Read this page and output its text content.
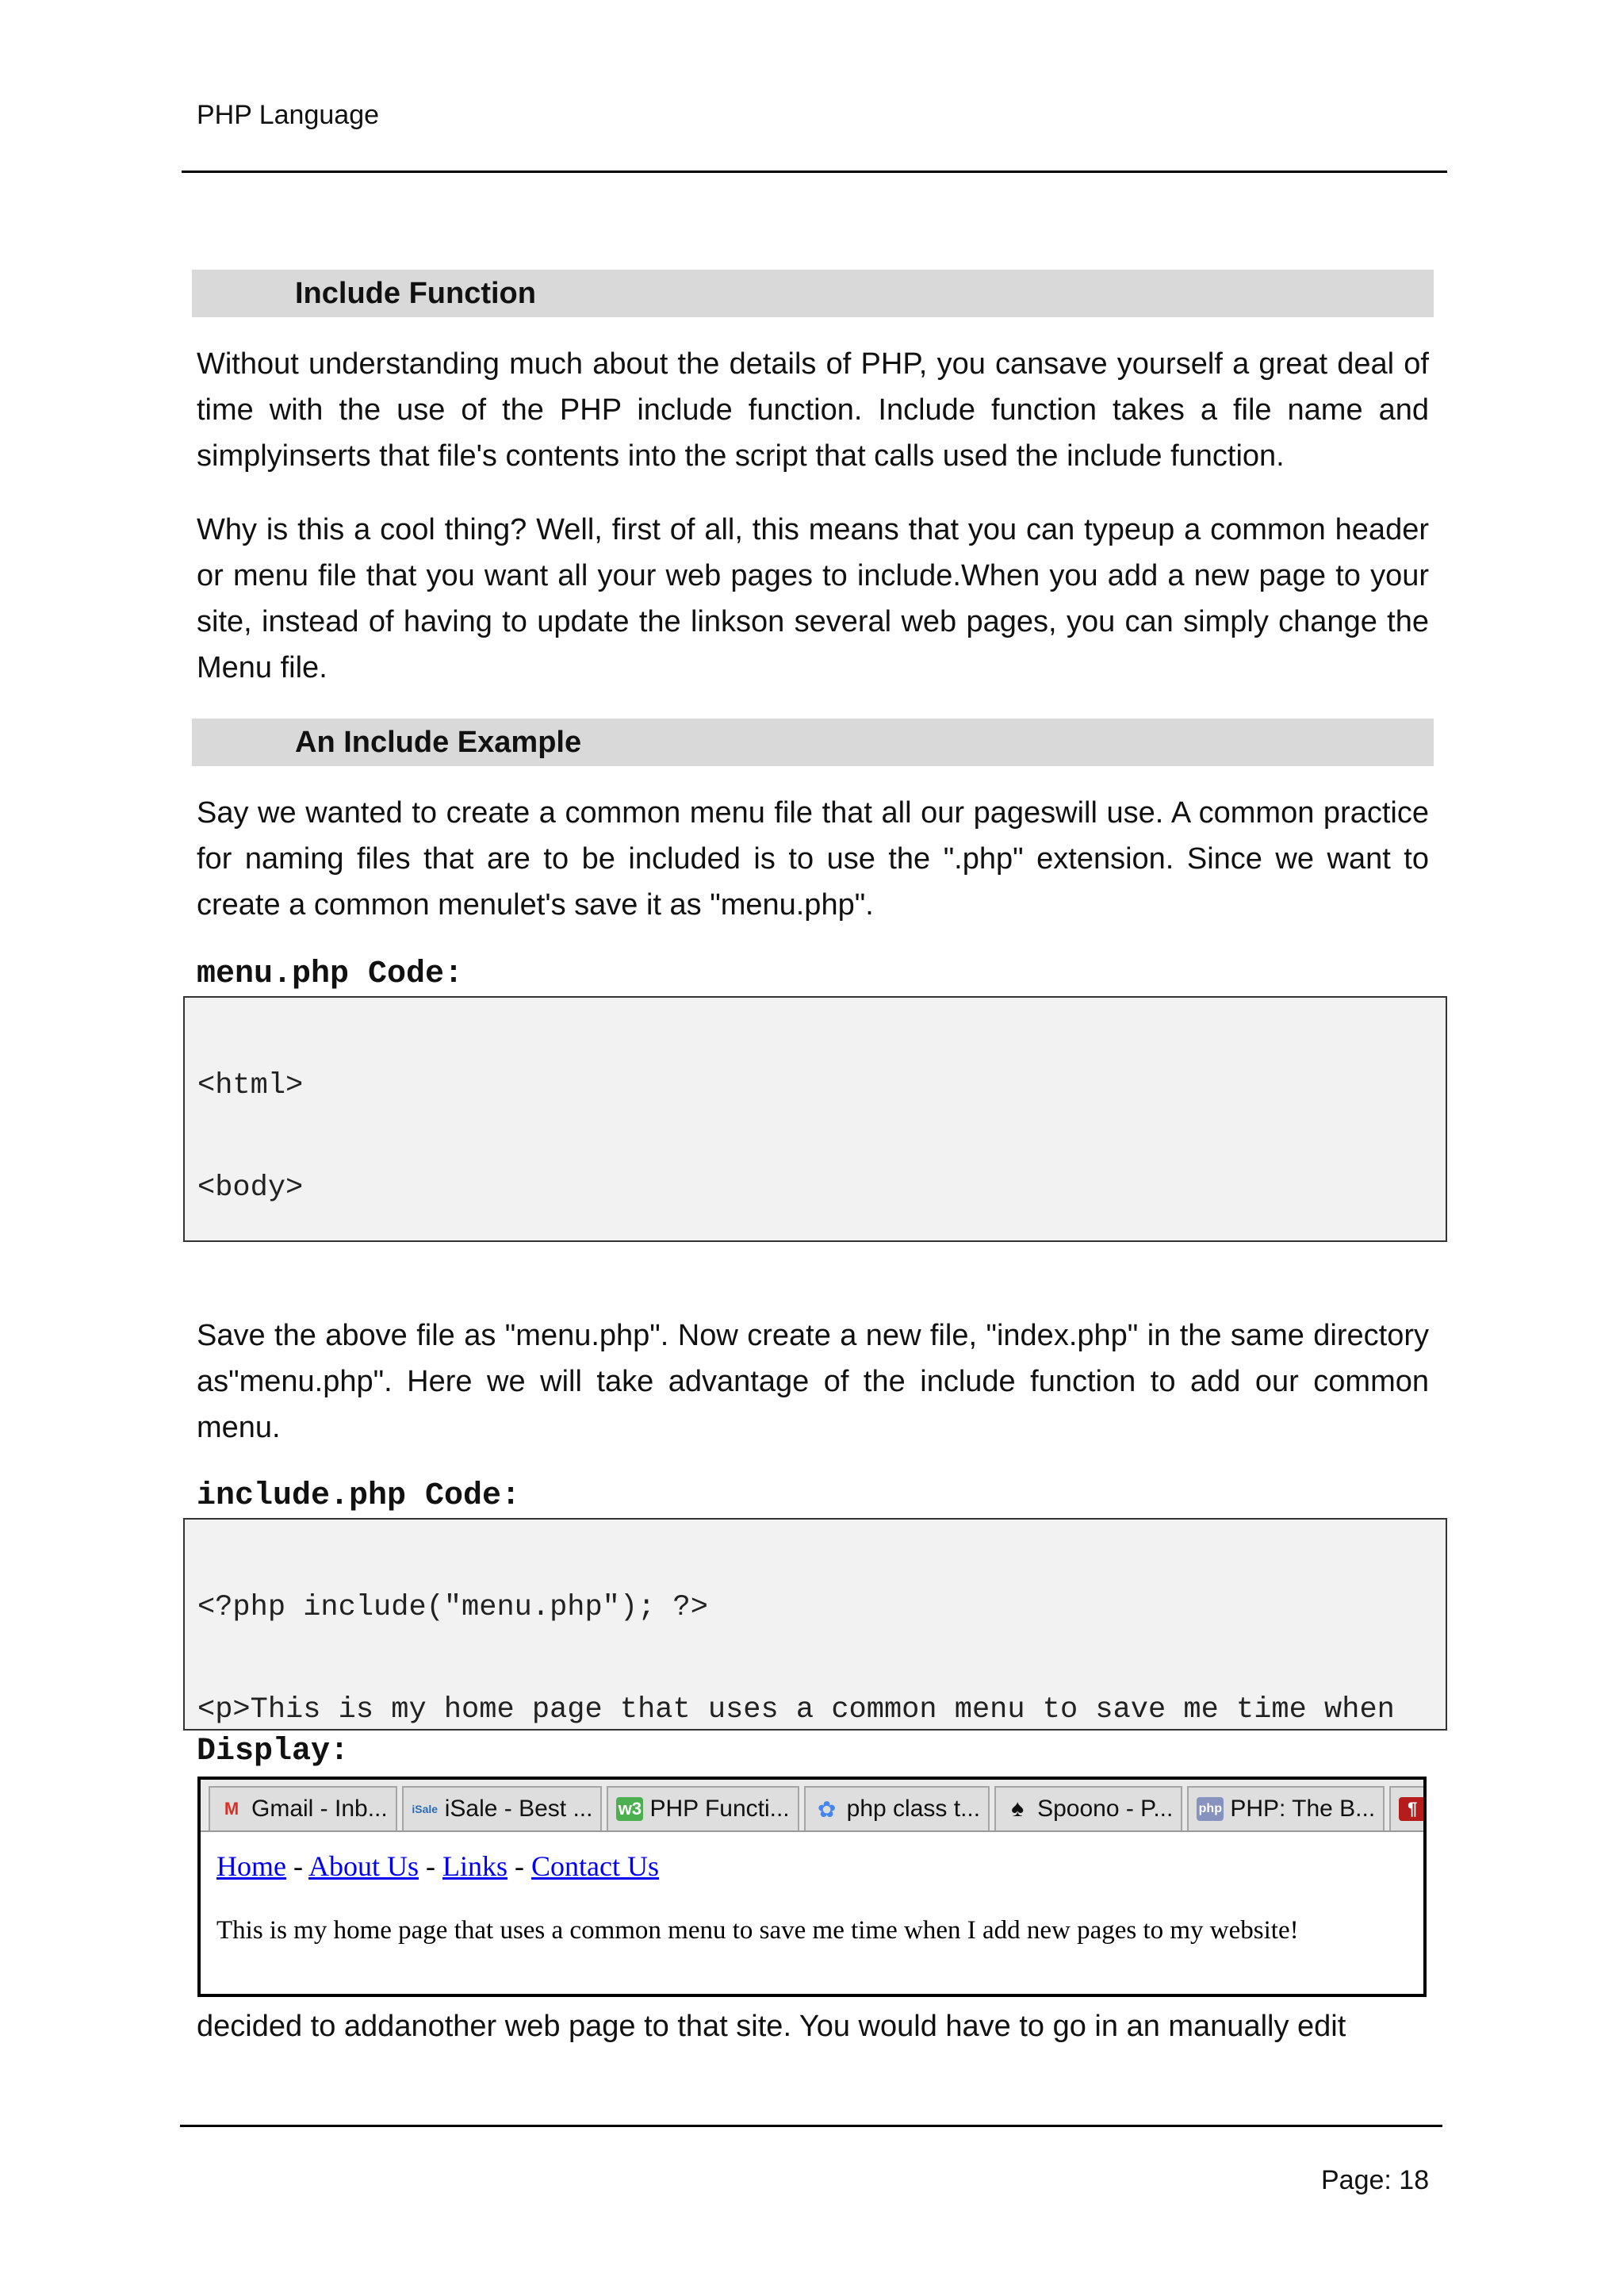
PHP Language
Include Function

Without understanding much about the details of PHP, you cansave yourself a great deal of time with the use of the PHP include function. Include function takes a file name and simplyinserts that file's contents into the script that calls used the include function.

Why is this a cool thing? Well, first of all, this means that you can typeup a common header or menu file that you want all your web pages to include.When you add a new page to your site, instead of having to update the linkson several web pages, you can simply change the Menu file.

An Include Example

Say we wanted to create a common menu file that all our pageswill use. A common practice for naming files that are to be included is to use the ".php" extension. Since we want to create a common menulet's save it as "menu.php".

menu.php Code:

<html>

<body>

Save the above file as "menu.php". Now create a new file, "index.php" in the same directory as"menu.php". Here we will take advantage of the include function to add our common menu.

include.php Code:

<?php include("menu.php"); ?>

<p>This is my home page that uses a common menu to save me time when

Display:
M Gmail - Inb... iSale iSale - Best ... w3 PHP Functi... ✿ php class t...	♠ Spoono - P... php PHP: The B...	¶
Home - About Us - Links - Contact Us
This is my home page that uses a common menu to save me time when I add new pages to my website!

decided to addanother web page to that site. You would have to go in an manually edit

Page: 18
